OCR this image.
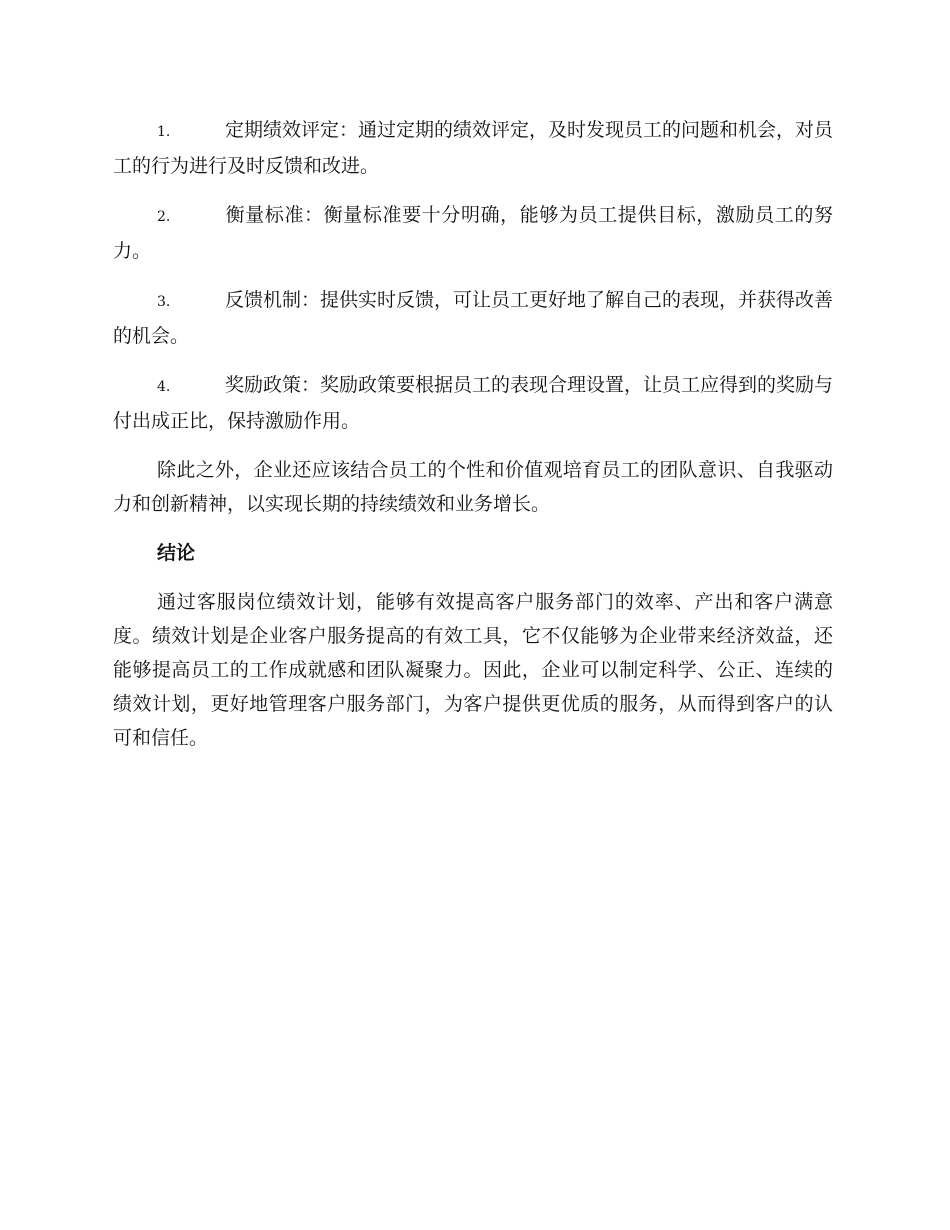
1.	定期绩效评定：通过定期的绩效评定，及时发现员工的问题和机会，对员工的行为进行及时反馈和改进。

2.	衡量标准：衡量标准要十分明确，能够为员工提供目标，激励员工的努力。

3.	反馈机制：提供实时反馈，可让员工更好地了解自己的表现，并获得改善的机会。

4.	奖励政策：奖励政策要根据员工的表现合理设置，让员工应得到的奖励与付出成正比，保持激励作用。

除此之外，企业还应该结合员工的个性和价值观培育员工的团队意识、自我驱动力和创新精神，以实现长期的持续绩效和业务增长。

结论

通过客服岗位绩效计划，能够有效提高客户服务部门的效率、产出和客户满意度。绩效计划是企业客户服务提高的有效工具，它不仅能够为企业带来经济效益，还能够提高员工的工作成就感和团队凝聚力。因此，企业可以制定科学、公正、连续的绩效计划，更好地管理客户服务部门，为客户提供更优质的服务，从而得到客户的认可和信任。
